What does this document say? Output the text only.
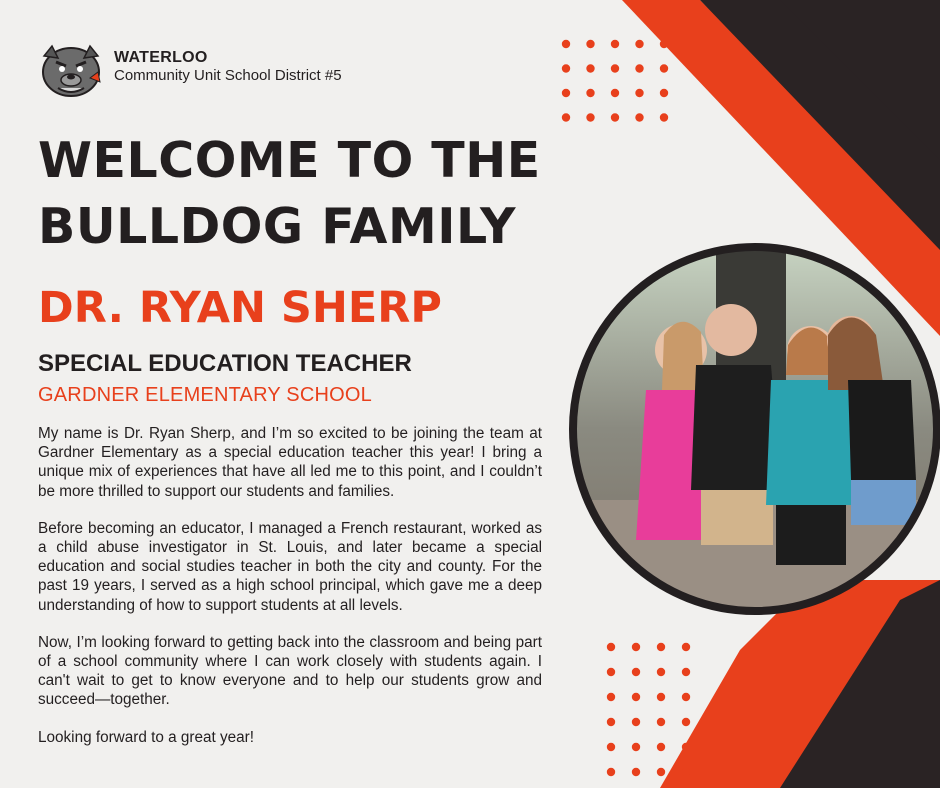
WATERLOO
Community Unit School District #5
WELCOME TO THE
BULLDOG FAMILY
DR. RYAN SHERP
SPECIAL EDUCATION TEACHER
GARDNER ELEMENTARY SCHOOL

My name is Dr. Ryan Sherp, and I’m so excited to be joining the team at Gardner Elementary as a special education teacher this year! I bring a unique mix of experiences that have all led me to this point, and I couldn’t be more thrilled to support our students and families.

Before becoming an educator, I managed a French restaurant, worked as a child abuse investigator in St. Louis, and later became a special education and social studies teacher in both the city and county. For the past 19 years, I served as a high school principal, which gave me a deep understanding of how to support students at all levels.

Now, I’m looking forward to getting back into the classroom and being part of a school community where I can work closely with students again. I can't wait to get to know everyone and to help our students grow and succeed—together.

Looking forward to a great year!
